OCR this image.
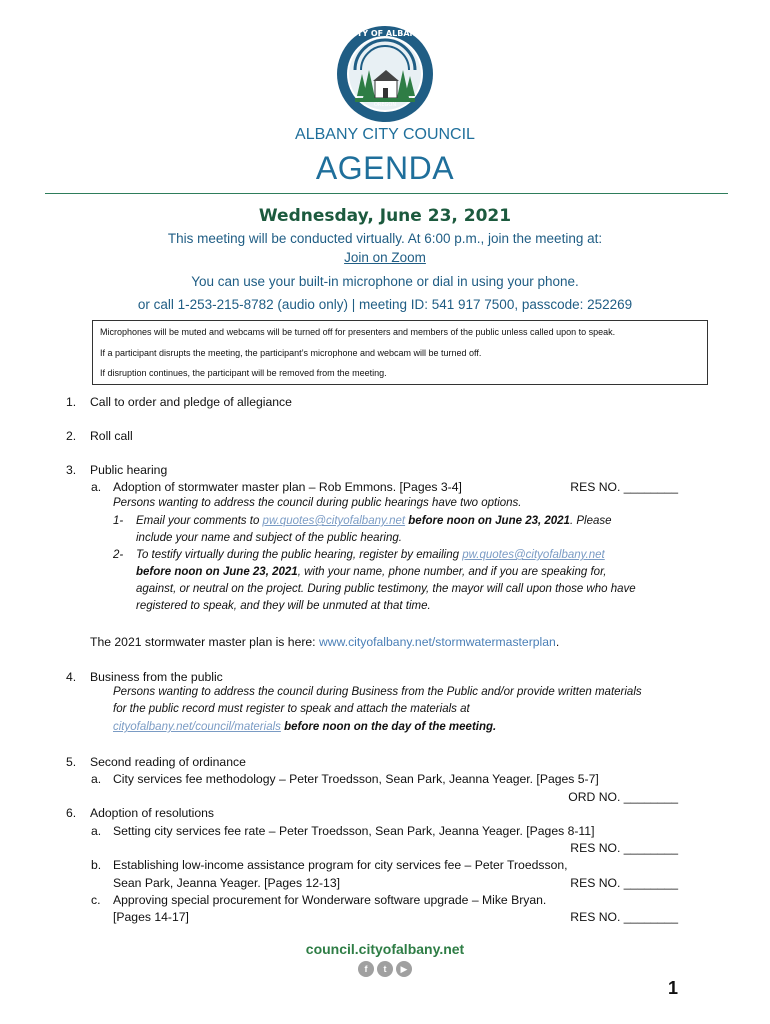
OREGON
CITY OF ALBANY
ALBANY CITY COUNCIL
AGENDA
Wednesday, June 23, 2021
This meeting will be conducted virtually. At 6:00 p.m., join the meeting at:
Join on Zoom
You can use your built-in microphone or dial in using your phone.
or call 1-253-215-8782 (audio only) | meeting ID: 541 917 7500, passcode: 252269
Microphones will be muted and webcams will be turned off for presenters and members of the public unless called upon to speak.
If a participant disrupts the meeting, the participant’s microphone and webcam will be turned off.
If disruption continues, the participant will be removed from the meeting.
1. Call to order and pledge of allegiance
2. Roll call
3. Public hearing
a. Adoption of stormwater master plan – Rob Emmons. [Pages 3-4]	RES NO. ________
Persons wanting to address the council during public hearings have two options.
1- Email your comments to pw.quotes@cityofalbany.net before noon on June 23, 2021. Please
include your name and subject of the public hearing.
2- To testify virtually during the public hearing, register by emailing pw.quotes@cityofalbany.net
before noon on June 23, 2021, with your name, phone number, and if you are speaking for,
against, or neutral on the project. During public testimony, the mayor will call upon those who have
registered to speak, and they will be unmuted at that time.
The 2021 stormwater master plan is here: www.cityofalbany.net/stormwatermasterplan.
4. Business from the public
Persons wanting to address the council during Business from the Public and/or provide written materials
for the public record must register to speak and attach the materials at
cityofalbany.net/council/materials before noon on the day of the meeting.
5. Second reading of ordinance
a. City services fee methodology – Peter Troedsson, Sean Park, Jeanna Yeager. [Pages 5-7]
ORD NO. ________
6. Adoption of resolutions
a. Setting city services fee rate – Peter Troedsson, Sean Park, Jeanna Yeager. [Pages 8-11]
RES NO. ________
b. Establishing low-income assistance program for city services fee – Peter Troedsson,
Sean Park, Jeanna Yeager. [Pages 12-13]	RES NO. ________
c. Approving special procurement for Wonderware software upgrade – Mike Bryan.
[Pages 14-17]	RES NO. ________
council.cityofalbany.net
f	t	▶
1
